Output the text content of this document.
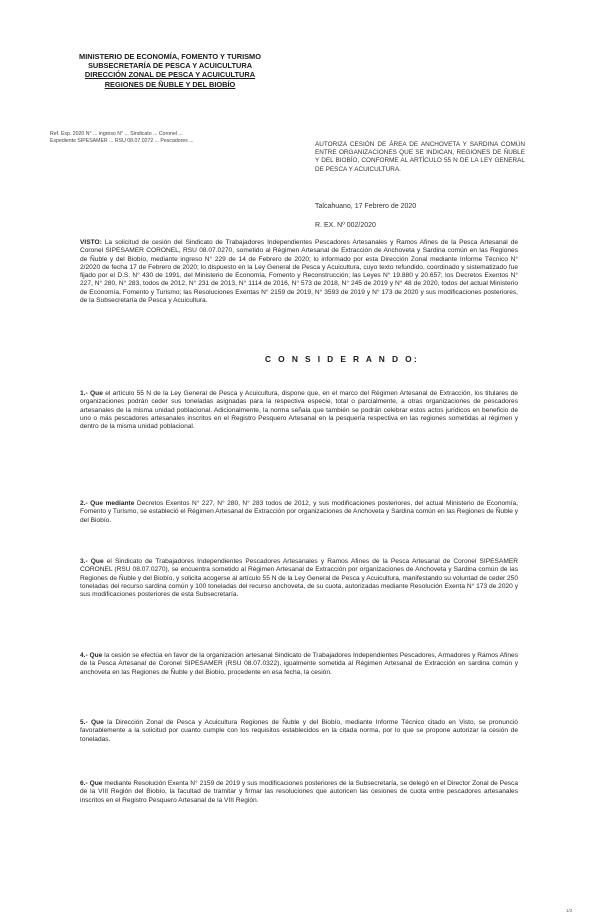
MINISTERIO DE ECONOMÍA, FOMENTO Y TURISMO
SUBSECRETARÍA DE PESCA Y ACUICULTURA
DIRECCIÓN ZONAL DE PESCA Y ACUICULTURA
REGIONES DE ÑUBLE Y DEL BIOBÍO
Ref. Exp. 2020 N° ... ingreso N° ... Sindicato ... Coronel ...
Expediente SIPESAMER ... RSU 08.07.0272 ... Pescadores ...
AUTORIZA CESIÓN DE ÁREA DE ANCHOVETA Y SARDINA COMÚN ENTRE ORGANIZACIONES QUE SE INDICAN, REGIONES DE ÑUBLE Y DEL BIOBÍO, CONFORME AL ARTÍCULO 55 N DE LA LEY GENERAL DE PESCA Y ACUICULTURA.
Talcahuano, 17 Febrero de 2020
R. EX. Nº 002/2020
VISTO: La solicitud de cesión del Sindicato de Trabajadores Independientes Pescadores Artesanales y Ramos Afines de la Pesca Artesanal de Coronel SIPESAMER CORONEL, RSU 08.07.0270, sometido al Régimen Artesanal de Extracción de Anchoveta y Sardina común en las Regiones de Ñuble y del Biobío, mediante ingreso N° 229 de 14 de Febrero de 2020; lo informado por esta Dirección Zonal mediante Informe Técnico N° 2/2020 de fecha 17 de Febrero de 2020; lo dispuesto en la Ley General de Pesca y Acuicultura, cuyo texto refundido, coordinado y sistematizado fue fijado por el D.S. N° 430 de 1991, del Ministerio de Economía, Fomento y Reconstrucción; las Leyes N° 19.880 y 20.657; los Decretos Exentos N° 227, N° 280, N° 283, todos de 2012, N° 231 de 2013, N° 1114 de 2016, N° 573 de 2018, N° 245 de 2019 y N° 48 de 2020, todos del actual Ministerio de Economía, Fomento y Turismo; las Resoluciones Exentas N° 2159 de 2019, N° 3593 de 2019 y N° 173 de 2020 y sus modificaciones posteriores, de la Subsecretaría de Pesca y Acuicultura.
C O N S I D E R A N D O:
1.- Que el artículo 55 N de la Ley General de Pesca y Acuicultura, dispone que, en el marco del Régimen Artesanal de Extracción, los titulares de organizaciones podrán ceder sus toneladas asignadas para la respectiva especie, total o parcialmente, a otras organizaciones de pescadores artesanales de la misma unidad poblacional. Adicionalmente, la norma señala que también se podrán celebrar estos actos jurídicos en beneficio de uno o más pescadores artesanales inscritos en el Registro Pesquero Artesanal en la pesquería respectiva en las regiones sometidas al régimen y dentro de la misma unidad poblacional.
2.- Que mediante Decretos Exentos N° 227, N° 280, N° 283 todos de 2012, y sus modificaciones posteriores, del actual Ministerio de Economía, Fomento y Turismo, se estableció el Régimen Artesanal de Extracción por organizaciones de Anchoveta y Sardina común en las Regiones de Ñuble y del Biobío.
3.- Que el Sindicato de Trabajadores Independientes Pescadores Artesanales y Ramos Afines de la Pesca Artesanal de Coronel SIPESAMER CORONEL (RSU 08.07.0270), se encuentra sometido al Régimen Artesanal de Extracción por organizaciones de Anchoveta y Sardina común de las Regiones de Ñuble y del Biobío, y solicita acogerse al artículo 55 N de la Ley General de Pesca y Acuicultura, manifestando su voluntad de ceder 250 toneladas del recurso sardina común y 100 toneladas del recurso anchoveta, de su cuota, autorizadas mediante Resolución Exenta N° 173 de 2020 y sus modificaciones posteriores de esta Subsecretaría.
4.- Que la cesión se efectúa en favor de la organización artesanal Sindicato de Trabajadores Independientes Pescadores, Armadores y Ramos Afines de la Pesca Artesanal de Coronel SIPESAMER (RSU 08.07.0322), igualmente sometida al Régimen Artesanal de Extracción en sardina común y anchoveta en las Regiones de Ñuble y del Biobío, procedente en esa fecha, la cesión.
5.- Que la Dirección Zonal de Pesca y Acuicultura Regiones de Ñuble y del Biobío, mediante Informe Técnico citado en Visto, se pronunció favorablemente a la solicitud por cuanto cumple con los requisitos establecidos en la citada norma, por lo que se propone autorizar la cesión de toneladas.
6.- Que mediante Resolución Exenta N° 2159 de 2019 y sus modificaciones posteriores de la Subsecretaría, se delegó en el Director Zonal de Pesca de la VIII Región del Biobío, la facultad de tramitar y firmar las resoluciones que autoricen las cesiones de cuota entre pescadores artesanales inscritos en el Registro Pesquero Artesanal de la VIII Región.
1/3
